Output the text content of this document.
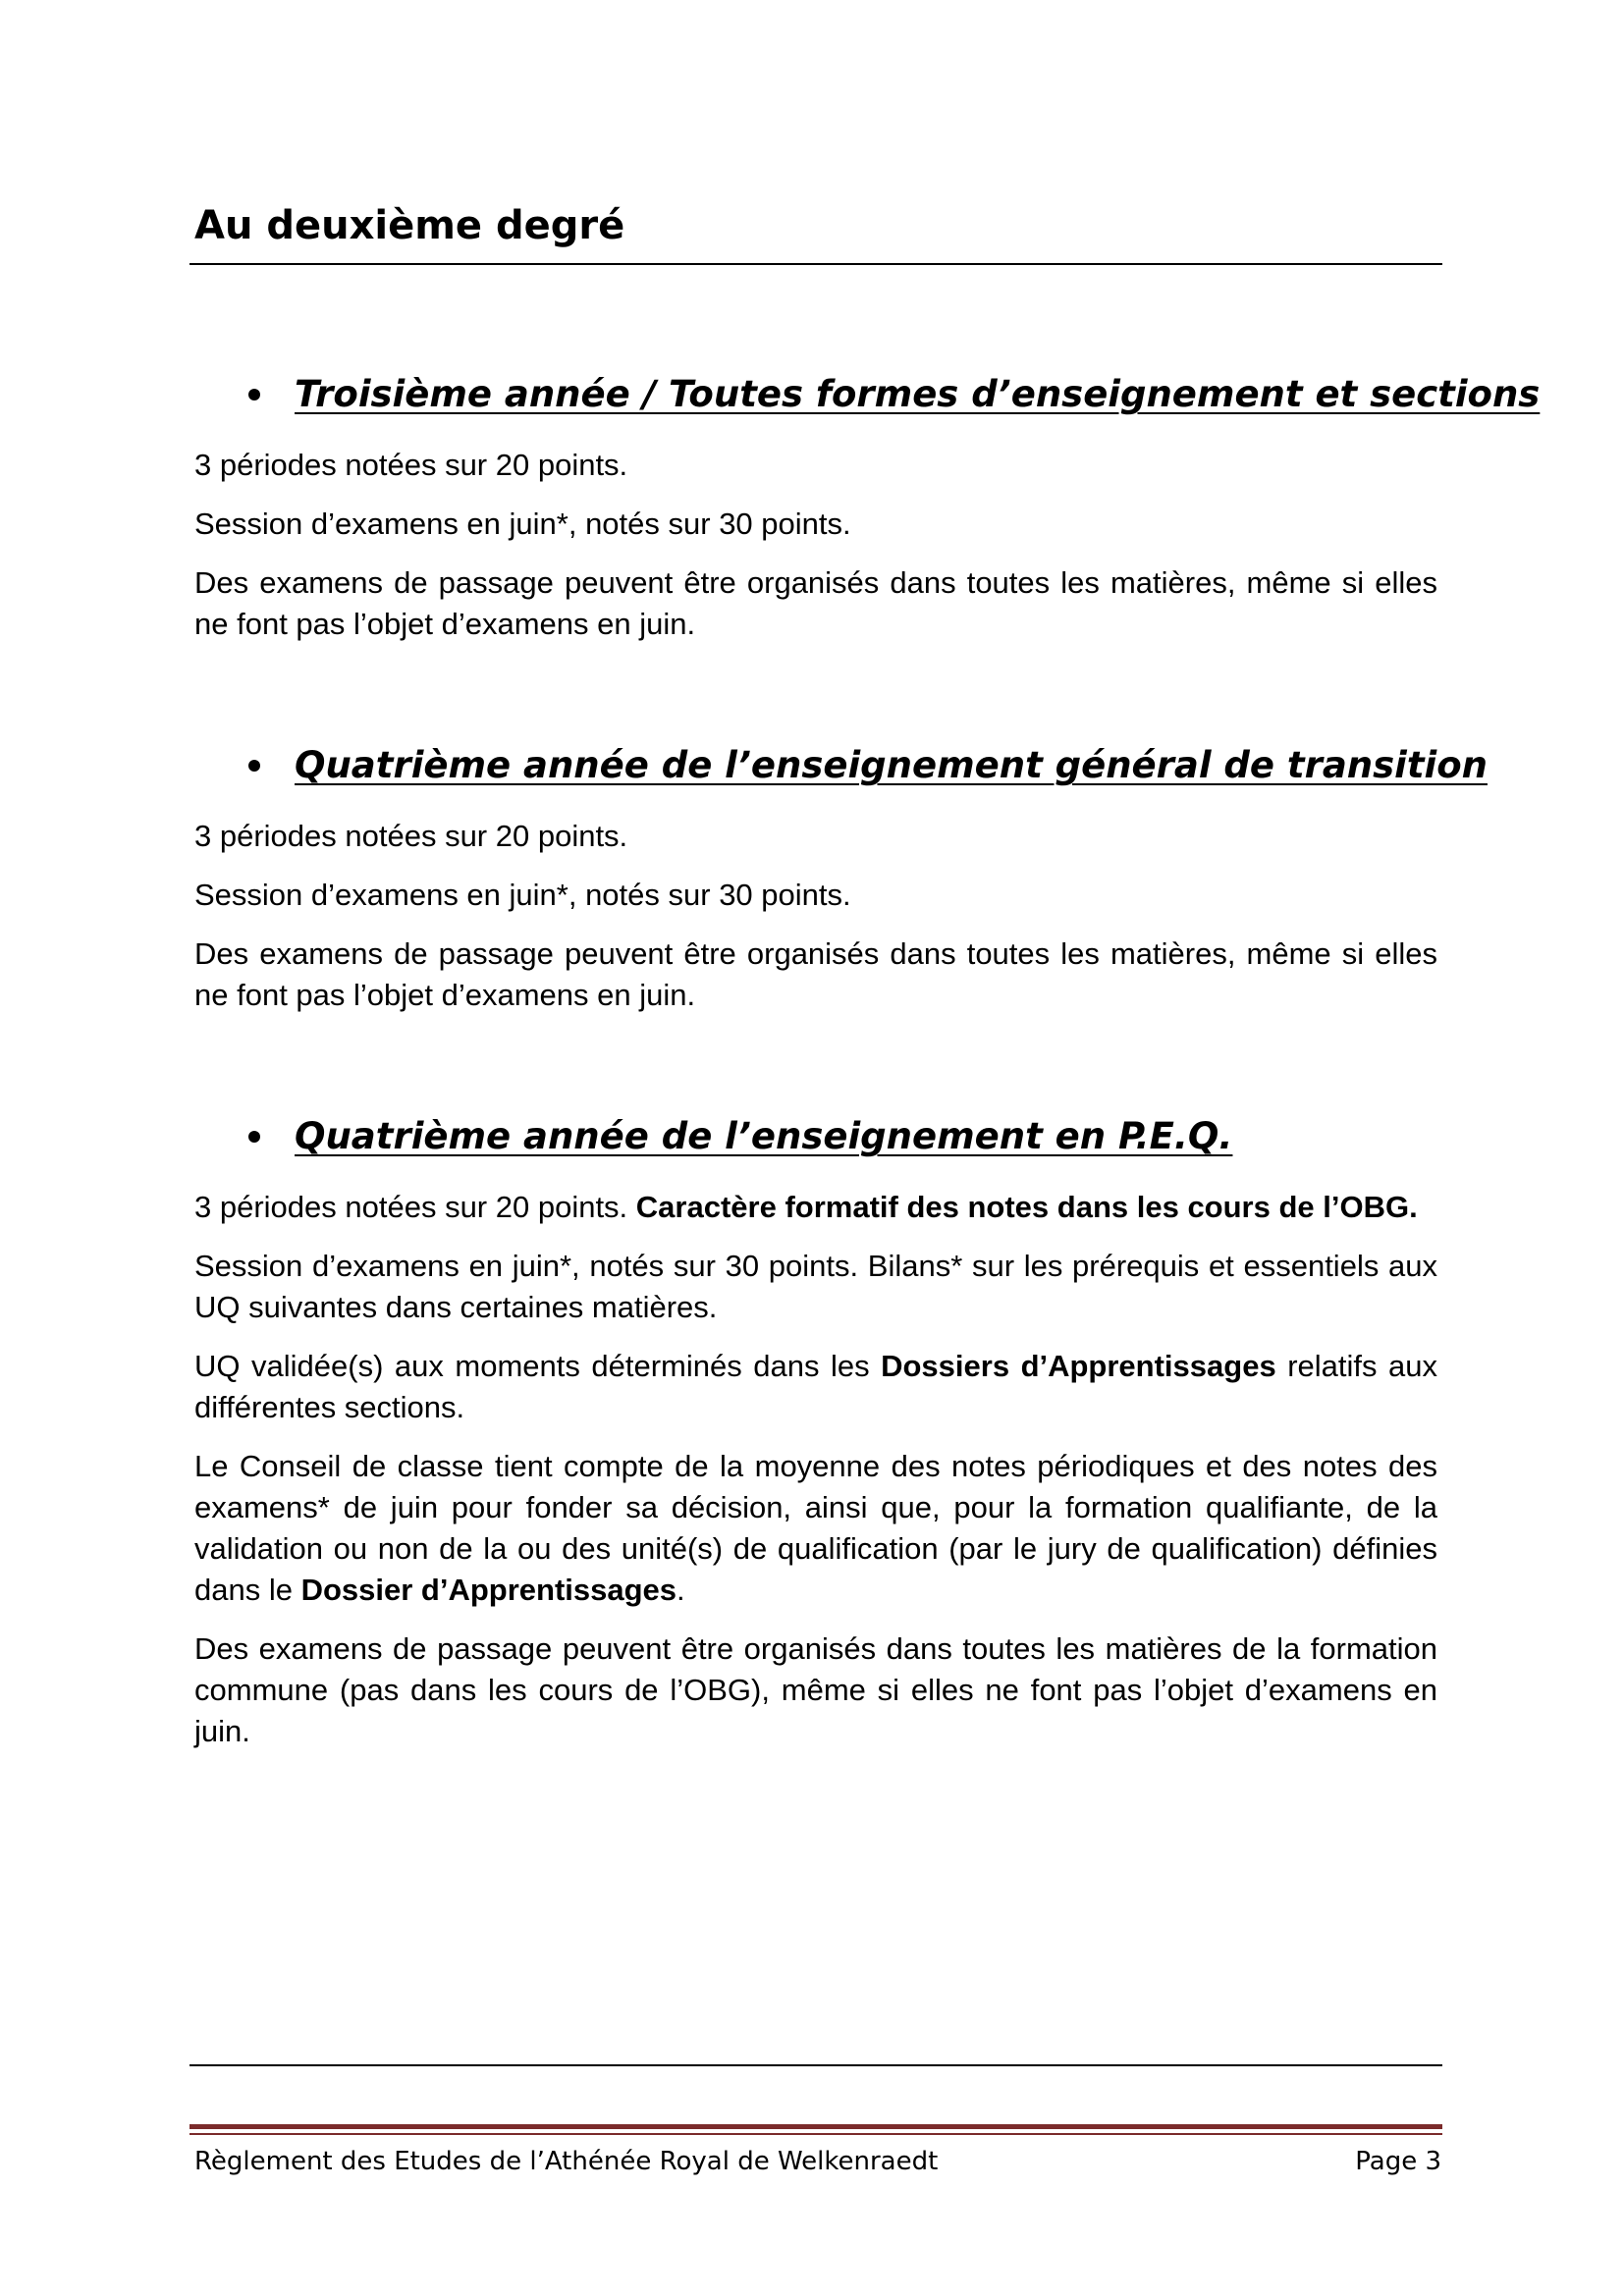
Au deuxième degré
Troisième année / Toutes formes d’enseignement et sections

3 périodes notées sur 20 points.

Session d’examens en juin*, notés sur 30 points.

Des examens de passage peuvent être organisés dans toutes les matières, même si elles ne font pas l’objet d’examens en juin.

Quatrième année de l’enseignement général de transition

3 périodes notées sur 20 points.

Session d’examens en juin*, notés sur 30 points.

Des examens de passage peuvent être organisés dans toutes les matières, même si elles ne font pas l’objet d’examens en juin.

Quatrième année de l’enseignement en P.E.Q.

3 périodes notées sur 20 points. Caractère formatif des notes dans les cours de l’OBG.

Session d’examens en juin*, notés sur 30 points. Bilans* sur les prérequis et essentiels aux UQ suivantes dans certaines matières.

UQ validée(s) aux moments déterminés dans les Dossiers d’Apprentissages relatifs aux différentes sections.

Le Conseil de classe tient compte de la moyenne des notes périodiques et des notes des examens* de juin pour fonder sa décision, ainsi que, pour la formation qualifiante, de la validation ou non de la ou des unité(s) de qualification (par le jury de qualification) définies dans le Dossier d’Apprentissages.

Des examens de passage peuvent être organisés dans toutes les matières de la formation commune (pas dans les cours de l’OBG), même si elles ne font pas l’objet d’examens en juin.

Règlement des Etudes de l’Athénée Royal de Welkenraedt	Page 3
